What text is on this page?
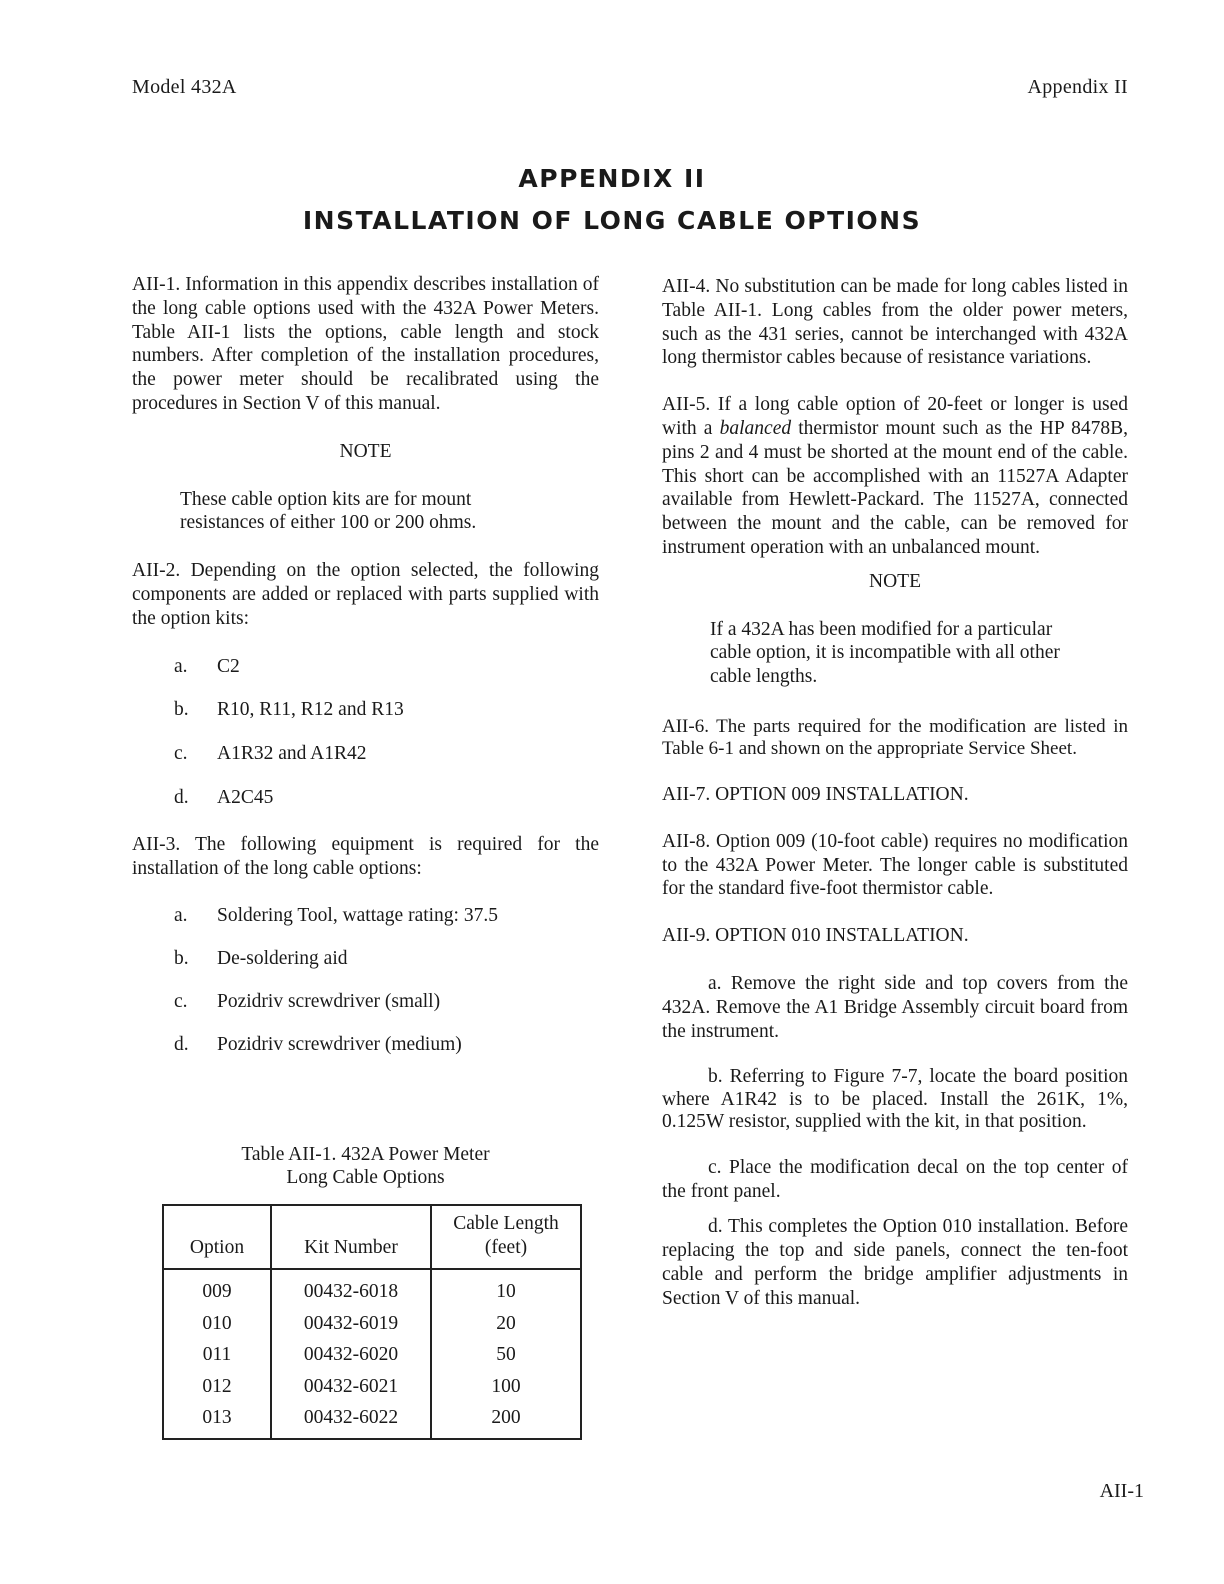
Model 432A	Appendix II
APPENDIX II
INSTALLATION OF LONG CABLE OPTIONS

AII-1. Information in this appendix describes installation of the long cable options used with the 432A Power Meters. Table AII-1 lists the options, cable length and stock numbers. After completion of the installation procedures, the power meter should be recalibrated using the procedures in Section V of this manual.

NOTE

These cable option kits are for mount resistances of either 100 or 200 ohms.

AII-2. Depending on the option selected, the following components are added or replaced with parts supplied with the option kits:

a.	C2
b.	R10, R11, R12 and R13
c.	A1R32 and A1R42
d.	A2C45

AII-3. The following equipment is required for the installation of the long cable options:

a.	Soldering Tool, wattage rating: 37.5
b.	De-soldering aid
c.	Pozidriv screwdriver (small)
d.	Pozidriv screwdriver (medium)

Table AII-1. 432A Power Meter

Long Cable Options

Option	Kit Number	Cable Length
(feet)
009	00432-6018	10
010	00432-6019	20
011	00432-6020	50
012	00432-6021	100
013	00432-6022	200

AII-4. No substitution can be made for long cables listed in Table AII-1. Long cables from the older power meters, such as the 431 series, cannot be interchanged with 432A long thermistor cables because of resistance variations.

AII-5. If a long cable option of 20-feet or longer is used with a balanced thermistor mount such as the HP 8478B, pins 2 and 4 must be shorted at the mount end of the cable. This short can be accomplished with an 11527A Adapter available from Hewlett-Packard. The 11527A, connected between the mount and the cable, can be removed for instrument operation with an unbalanced mount.

NOTE

If a 432A has been modified for a particular cable option, it is incompatible with all other cable lengths.

AII-6. The parts required for the modification are listed in Table 6-1 and shown on the appropriate Service Sheet.

AII-7. OPTION 009 INSTALLATION.

AII-8. Option 009 (10-foot cable) requires no modification to the 432A Power Meter. The longer cable is substituted for the standard five-foot thermistor cable.

AII-9. OPTION 010 INSTALLATION.

a. Remove the right side and top covers from the 432A. Remove the A1 Bridge Assembly circuit board from the instrument.

b. Referring to Figure 7-7, locate the board position where A1R42 is to be placed. Install the 261K, 1%, 0.125W resistor, supplied with the kit, in that position.

c. Place the modification decal on the top center of the front panel.

d. This completes the Option 010 installation. Before replacing the top and side panels, connect the ten-foot cable and perform the bridge amplifier adjustments in Section V of this manual.

AII-1
